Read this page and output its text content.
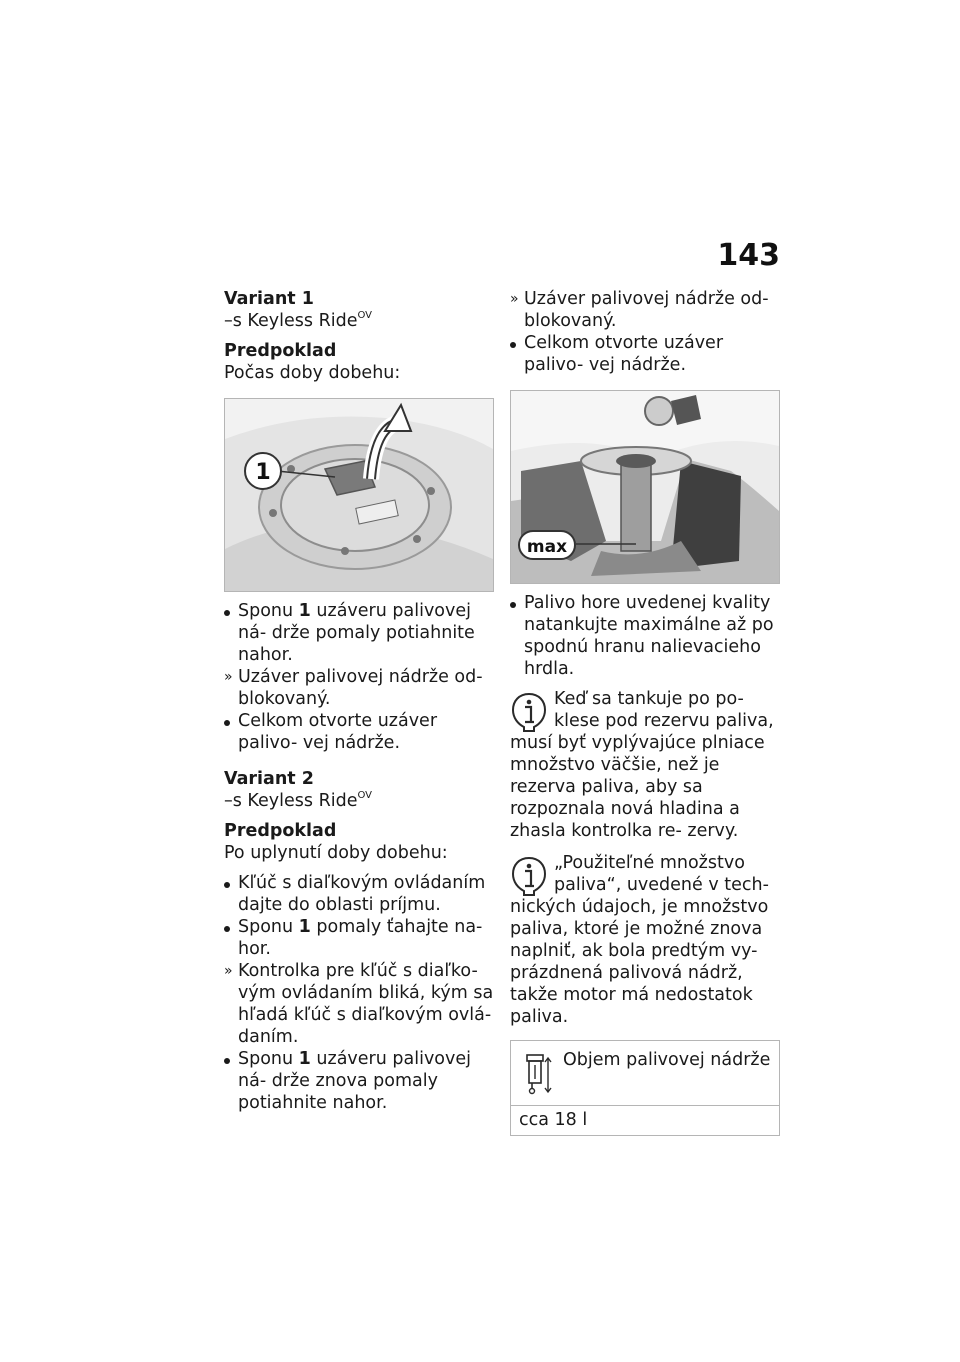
143

Variant 1

–s Keyless Ride$^{OV}$

Predpoklad

Počas doby dobehu:

1
Sponu 1 uzáveru palivovej ná- drže pomaly potiahnite nahor.
» Uzáver palivovej nádrže od- blokovaný.
Celkom otvorte uzáver palivo- vej nádrže.

Variant 2

–s Keyless Ride$^{OV}$

Predpoklad

Po uplynutí doby dobehu:

Kľúč s diaľkovým ovládaním dajte do oblasti príjmu.
Sponu 1 pomaly ťahajte na- hor.
» Kontrolka pre kľúč s diaľko- vým ovládaním bliká, kým sa hľadá kľúč s diaľkovým ovlá- daním.
Sponu 1 uzáveru palivovej ná- drže znova pomaly potiahnite nahor.
» Uzáver palivovej nádrže od- blokovaný.
Celkom otvorte uzáver palivo- vej nádrže.
max
Palivo hore uvedenej kvality natankujte maximálne až po spodnú hranu nalievacieho hrdla.
Keď sa tankuje po po- klese pod rezervu paliva,
musí byť vyplývajúce plniace množstvo väčšie, než je rezerva paliva, aby sa rozpoznala nová hladina a zhasla kontrolka re- zervy.
„Použiteľné množstvo paliva“, uvedené v tech-
nických údajoch, je množstvo paliva, ktoré je možné znova naplniť, ak bola predtým vy- prázdnená palivová nádrž, takže motor má nedostatok paliva.
Objem palivovej nádrže
cca 18 l
